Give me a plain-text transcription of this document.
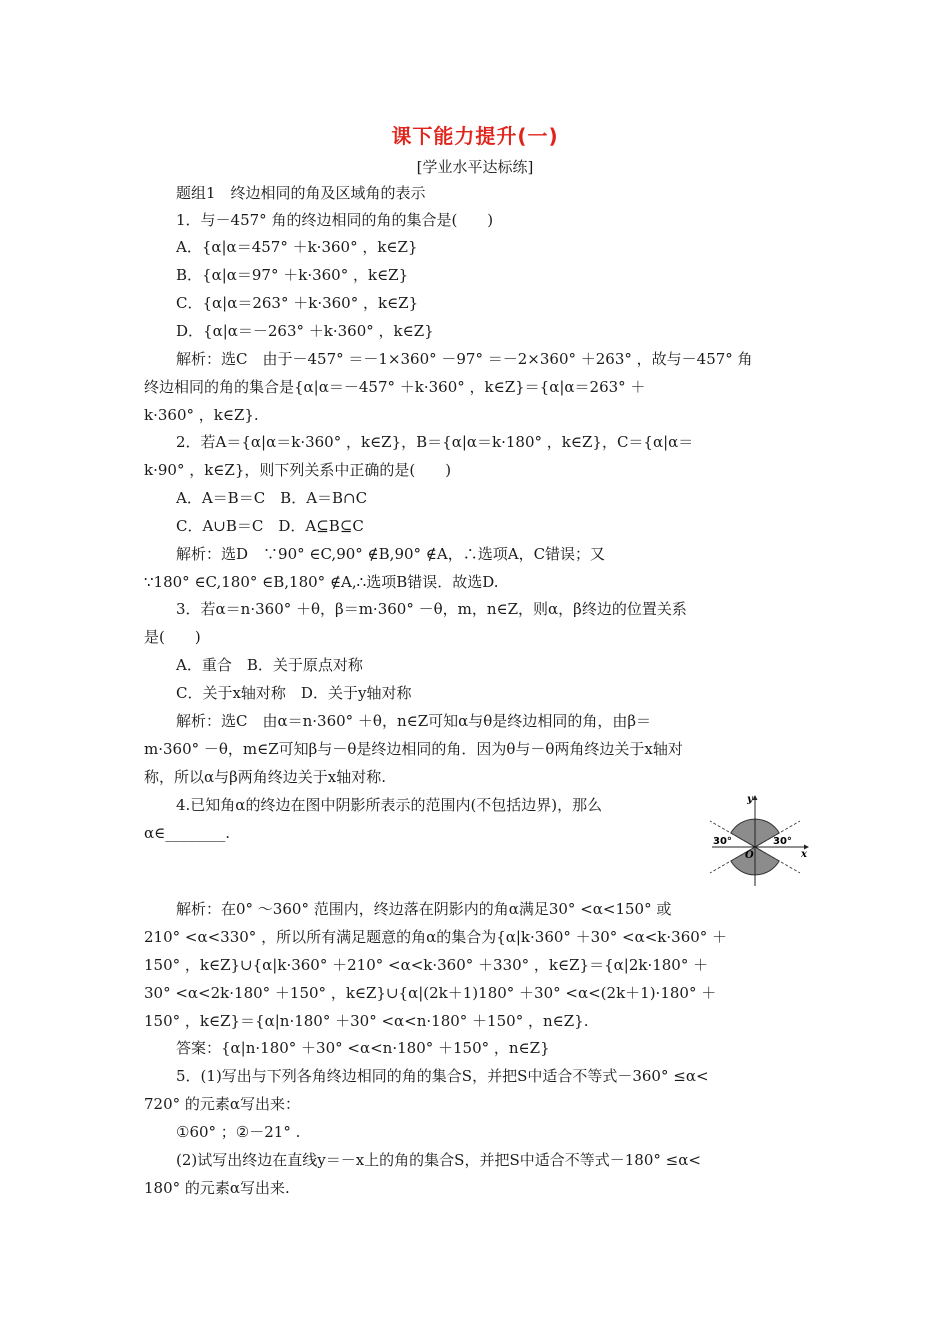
课下能力提升(一)
[学业水平达标练]
题组1　终边相同的角及区域角的表示
1．与－457° 角的终边相同的角的集合是(　　)
A．{α|α＝457° ＋k·360° ，k∈Z}
B．{α|α＝97° ＋k·360° ，k∈Z}
C．{α|α＝263° ＋k·360° ，k∈Z}
D．{α|α＝－263° ＋k·360° ，k∈Z}
解析：选C　由于－457° ＝－1×360° －97° ＝－2×360° ＋263° ，故与－457° 角
终边相同的角的集合是{α|α＝－457° ＋k·360° ，k∈Z}＝{α|α＝263° ＋
k·360° ，k∈Z}.
2．若A＝{α|α＝k·360° ，k∈Z}，B＝{α|α＝k·180° ，k∈Z}，C＝{α|α＝
k·90° ，k∈Z}，则下列关系中正确的是(　　)
A．A＝B＝C　B．A＝B∩C
C．A∪B＝C　D．A⊆B⊆C
解析：选D　∵90° ∈C,90° ∉B,90° ∉A，∴选项A，C错误；又
∵180° ∈C,180° ∈B,180° ∉A,∴选项B错误．故选D.
3．若α＝n·360° ＋θ，β＝m·360° －θ，m，n∈Z，则α，β终边的位置关系
是(　　)
A．重合　B．关于原点对称
C．关于x轴对称　D．关于y轴对称
解析：选C　由α＝n·360° ＋θ，n∈Z可知α与θ是终边相同的角，由β＝
m·360° －θ，m∈Z可知β与－θ是终边相同的角．因为θ与－θ两角终边关于x轴对
称，所以α与β两角终边关于x轴对称.
4.已知角α的终边在图中阴影所表示的范围内(不包括边界)，那么
α∈________.
y
x
O
30°	30°
解析：在0° ～360° 范围内，终边落在阴影内的角α满足30° <α<150° 或
210° <α<330° ，所以所有满足题意的角α的集合为{α|k·360° ＋30° <α<k·360° ＋
150° ，k∈Z}∪{α|k·360° ＋210° <α<k·360° ＋330° ，k∈Z}＝{α|2k·180° ＋
30° <α<2k·180° ＋150° ，k∈Z}∪{α|(2k＋1)180° ＋30° <α<(2k＋1)·180° ＋
150° ，k∈Z}＝{α|n·180° ＋30° <α<n·180° ＋150° ，n∈Z}.
答案：{α|n·180° ＋30° <α<n·180° ＋150° ，n∈Z}
5．(1)写出与下列各角终边相同的角的集合S，并把S中适合不等式－360° ≤α<
720° 的元素α写出来：
①60° ；②－21° .
(2)试写出终边在直线y＝－x上的角的集合S，并把S中适合不等式－180° ≤α<
180° 的元素α写出来.
